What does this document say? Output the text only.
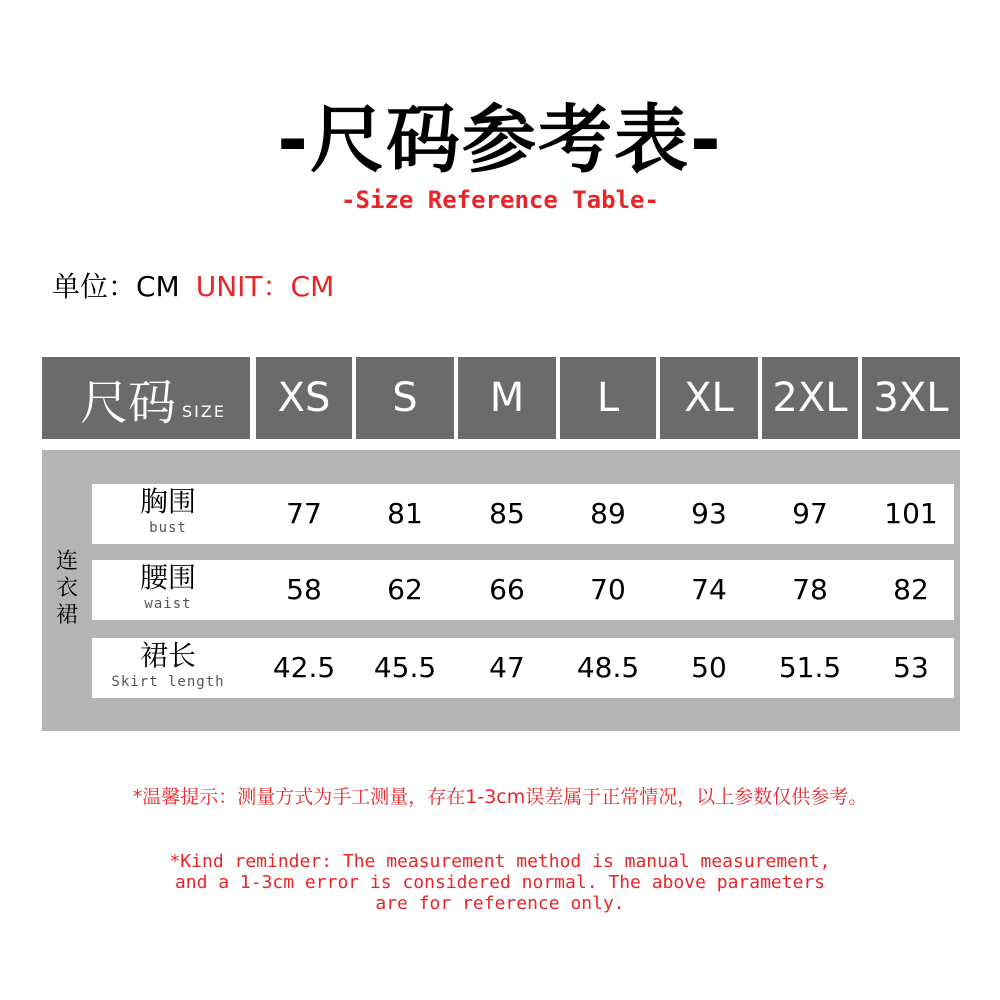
-尺码参考表-
-Size Reference Table-
单位：CM UNIT：CM
尺码 SIZE	XS	S	M	L	XL 2XL 3XL
连
衣
裙
胸围
bust	77	81	85	89	93	97	101
腰围
waist	58	62	66	70	74	78	82
裙长
Skirt length	42.5	45.5	47	48.5	50	51.5	53
*温馨提示：测量方式为手工测量，存在1-3cm误差属于正常情况，以上参数仅供参考。
*Kind reminder: The measurement method is manual measurement,
and a 1-3cm error is considered normal. The above parameters
are for reference only.
